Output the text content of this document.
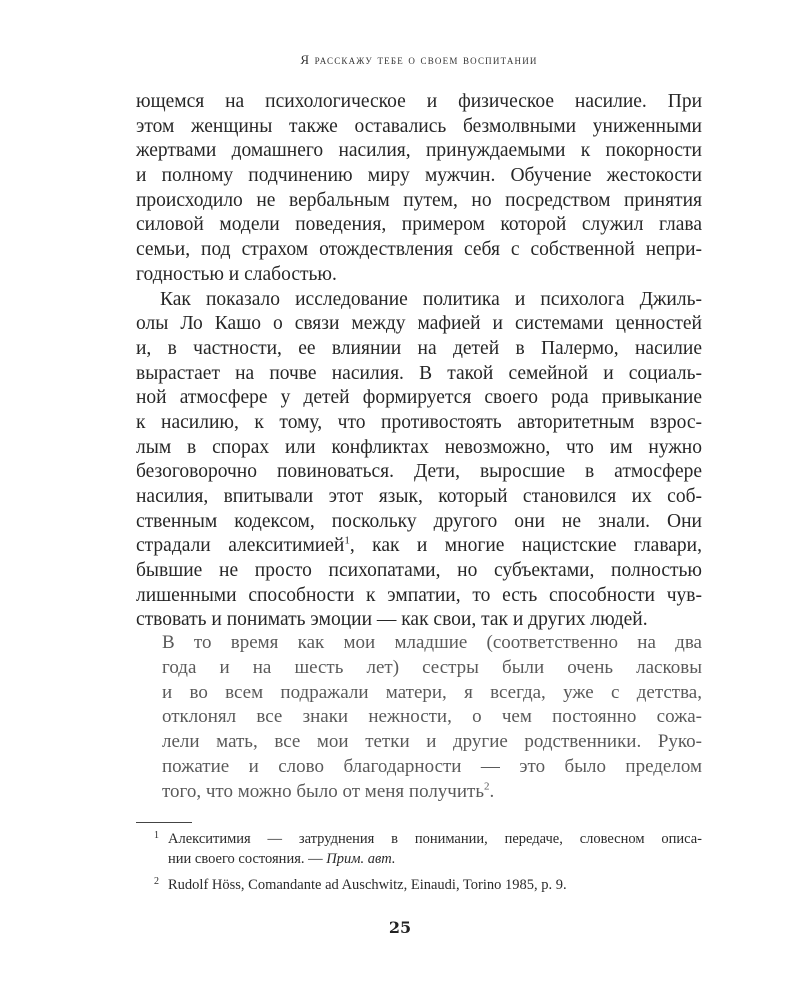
Я расскажу тебе о своем воспитании
ющемся на психологическое и физическое насилие. При
этом женщины также оставались безмолвными униженными
жертвами домашнего насилия, принуждаемыми к покорности
и полному подчинению миру мужчин. Обучение жестокости
происходило не вербальным путем, но посредством принятия
силовой модели поведения, примером которой служил глава
семьи, под страхом отождествления себя с собственной непри-
годностью и слабостью.
Как показало исследование политика и психолога Джиль-
олы Ло Кашо о связи между мафией и системами ценностей
и, в частности, ее влиянии на детей в Палермо, насилие
вырастает на почве насилия. В такой семейной и социаль-
ной атмосфере у детей формируется своего рода привыкание
к насилию, к тому, что противостоять авторитетным взрос-
лым в спорах или конфликтах невозможно, что им нужно
безоговорочно повиноваться. Дети, выросшие в атмосфере
насилия, впитывали этот язык, который становился их соб-
ственным кодексом, поскольку другого они не знали. Они
страдали алекситимией$^1$, как и многие нацистские главари,
бывшие не просто психопатами, но субъектами, полностью
лишенными способности к эмпатии, то есть способности чув-
ствовать и понимать эмоции — как свои, так и других людей.
В то время как мои младшие (соответственно на два
года и на шесть лет) сестры были очень ласковы
и во всем подражали матери, я всегда, уже с детства,
отклонял все знаки нежности, о чем постоянно сожа-
лели мать, все мои тетки и другие родственники. Руко-
пожатие и слово благодарности — это было пределом
того, что можно было от меня получить$^2$.
1 Алекситимия — затруднения в понимании, передаче, словесном описа-
нии своего состояния. — Прим. авт.
2 Rudolf Höss, Comandante ad Auschwitz, Einaudi, Torino 1985, p. 9.
25
